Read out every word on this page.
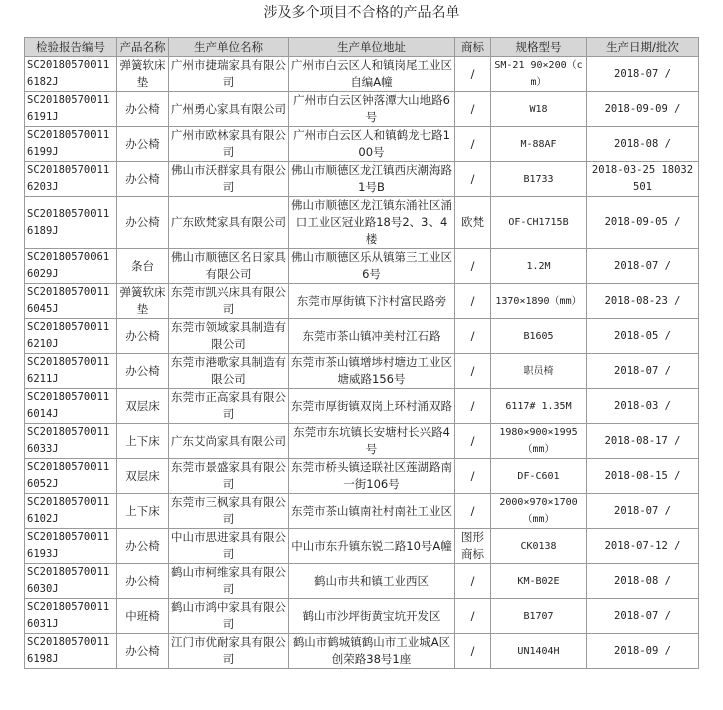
涉及多个项目不合格的产品名单
检验报告编号	产品名称	生产单位名称	生产单位地址	商标	规格型号	生产日期/批次
SC201805700116182J	弹簧软床垫	广州市捷瑞家具有限公司	广州市白云区人和镇岗尾工业区自编A幢	/	SM-21 90×200（cm）	2018-07 /
SC201805700116191J	办公椅	广州勇心家具有限公司	广州市白云区钟落潭大山地路6号	/	W18	2018-09-09 /
SC201805700116199J	办公椅	广州市欧林家具有限公司	广州市白云区人和镇鹤龙七路100号	/	M-88AF	2018-08 /
SC201805700116203J	办公椅	佛山市沃群家具有限公司	佛山市顺德区龙江镇西庆潮海路1号B	/	B1733	2018-03-25 18032501
SC201805700116189J	办公椅	广东欧梵家具有限公司	佛山市顺德区龙江镇东涌社区涌口工业区冠业路18号2、3、4楼	欧梵	OF-CH1715B	2018-09-05 /
SC201805700616029J	条台	佛山市顺德区名日家具有限公司	佛山市顺德区乐从镇第三工业区6号	/	1.2M	2018-07 /
SC201805700116045J	弹簧软床垫	东莞市凯兴床具有限公司	东莞市厚街镇下汴村富民路旁	/	1370×1890（mm）	2018-08-23 /
SC201805700116210J	办公椅	东莞市领域家具制造有限公司	东莞市茶山镇冲美村江石路	/	B1605	2018-05 /
SC201805700116211J	办公椅	东莞市港歌家具制造有限公司	东莞市茶山镇增埗村塘边工业区塘威路156号	/	职员椅	2018-07 /
SC201805700116014J	双层床	东莞市正高家具有限公司	东莞市厚街镇双岗上环村涌双路	/	6117# 1.35M	2018-03 /
SC201805700116033J	上下床	广东艾尚家具有限公司	东莞市东坑镇长安塘村长兴路4号	/	1980×900×1995（mm）	2018-08-17 /
SC201805700116052J	双层床	东莞市景盛家具有限公司	东莞市桥头镇迳联社区莲湖路南一街106号	/	DF-C601	2018-08-15 /
SC201805700116102J	上下床	东莞市三枫家具有限公司	东莞市茶山镇南社村南社工业区	/	2000×970×1700（mm）	2018-07 /
SC201805700116193J	办公椅	中山市思进家具有限公司	中山市东升镇东锐二路10号A幢	图形商标	CK0138	2018-07-12 /
SC201805700116030J	办公椅	鹤山市柯维家具有限公司	鹤山市共和镇工业西区	/	KM-B02E	2018-08 /
SC201805700116031J	中班椅	鹤山市鸿中家具有限公司	鹤山市沙坪街黄宝坑开发区	/	B1707	2018-07 /
SC201805700116198J	办公椅	江门市优耐家具有限公司	鹤山市鹤城镇鹤山市工业城A区创荣路38号1座	/	UN1404H	2018-09 /
